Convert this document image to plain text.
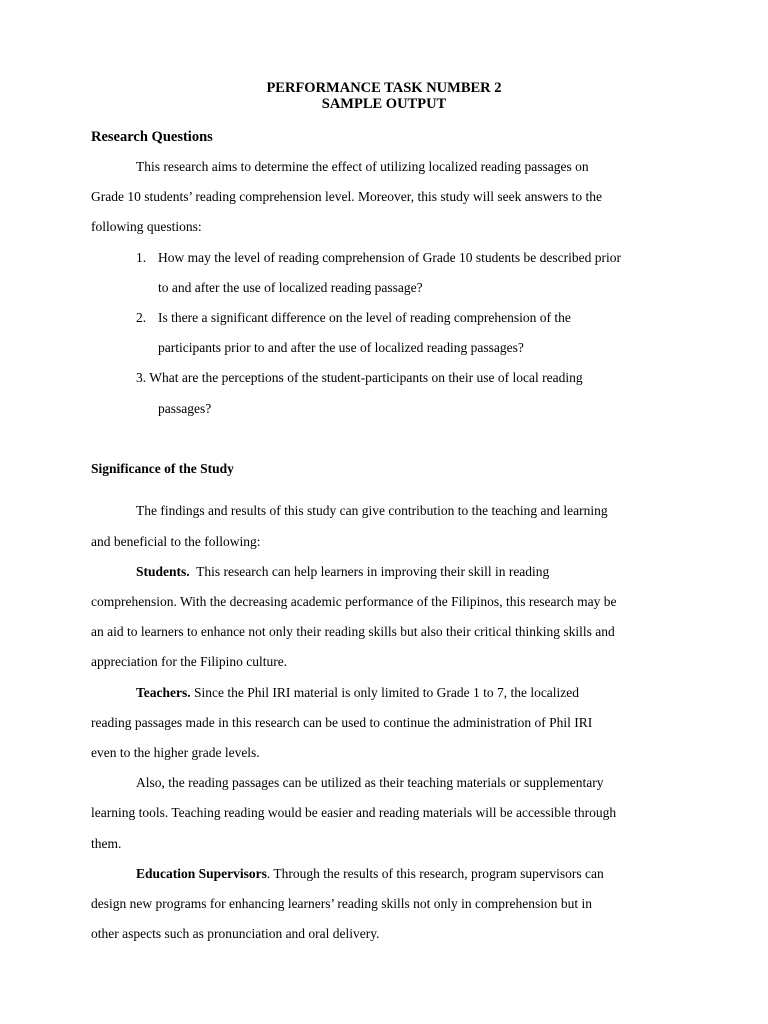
PERFORMANCE TASK NUMBER 2
SAMPLE OUTPUT
Research Questions
This research aims to determine the effect of utilizing localized reading passages on
Grade 10 students’ reading comprehension level. Moreover, this study will seek answers to the
following questions:
1. How may the level of reading comprehension of Grade 10 students be described prior
to and after the use of localized reading passage?
2. Is there a significant difference on the level of reading comprehension of the
participants prior to and after the use of localized reading passages?
3. What are the perceptions of the student-participants on their use of local reading
passages?
Significance of the Study
The findings and results of this study can give contribution to the teaching and learning
and beneficial to the following:
Students.  This research can help learners in improving their skill in reading
comprehension. With the decreasing academic performance of the Filipinos, this research may be
an aid to learners to enhance not only their reading skills but also their critical thinking skills and
appreciation for the Filipino culture.
Teachers. Since the Phil IRI material is only limited to Grade 1 to 7, the localized
reading passages made in this research can be used to continue the administration of Phil IRI
even to the higher grade levels.
Also, the reading passages can be utilized as their teaching materials or supplementary
learning tools. Teaching reading would be easier and reading materials will be accessible through
them.
Education Supervisors. Through the results of this research, program supervisors can
design new programs for enhancing learners’ reading skills not only in comprehension but in
other aspects such as pronunciation and oral delivery.
